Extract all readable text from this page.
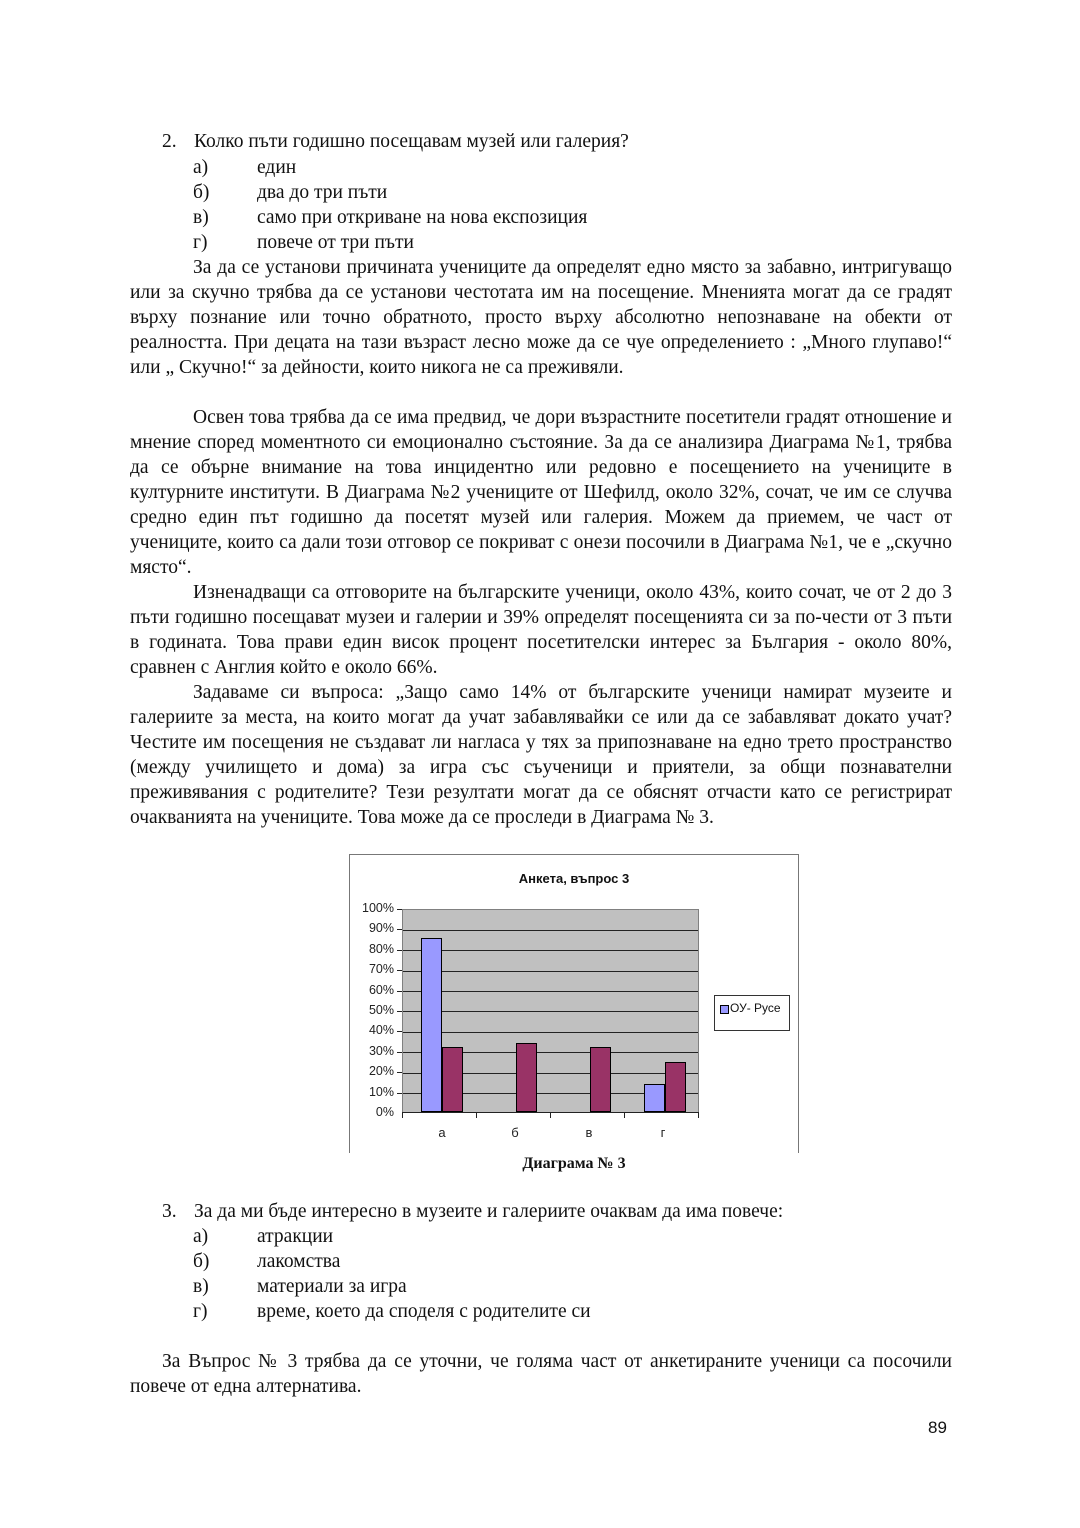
2. Колко пъти годишно посещавам музей или галерия?
а)	един
б) два до три пъти
в) само при откриване на нова експозиция
г)	повече от три пъти

За да се установи причината учениците да определят едно място за забавно, интригуващо или за скучно трябва да се установи честотата им на посещение. Мненията могат да се градят върху познание или точно обратното, просто върху абсолютно непознаване на обекти от реалността. При децата на тази възраст лесно може да се чуе определението : „Много глупаво!“ или „ Скучно!“ за дейности, които никога не са преживяли.

Освен това трябва да се има предвид, че дори възрастните посетители градят отношение и мнение според моментното си емоционално състояние. За да се анализира Диаграма №1, трябва да се обърне внимание на това инцидентно или редовно е посещението на учениците в културните институти. В Диаграма №2 учениците от Шефилд, около 32%, сочат, че им се случва средно един път годишно да посетят музей или галерия. Можем да приемем, че част от учениците, които са дали този отговор се покриват с онези посочили в Диаграма №1, че е „скучно място“.

Изненадващи са отговорите на българските ученици, около 43%, които сочат, че от 2 до 3 пъти годишно посещават музеи и галерии и 39% определят посещенията си за по-чести от 3 пъти в годината. Това прави един висок процент посетителски интерес за България - около 80%, сравнен с Англия който е около 66%.

Задаваме си въпроса: „Защо само 14% от българските ученици намират музеите и галериите за места, на които могат да учат забавлявайки се или да се забавляват докато учат? Честите им посещения не създават ли нагласа у тях за припознаване на едно трето пространство (между училището и дома) за игра със съученици и приятели, за общи познавателни преживявания с родителите? Тези резултати могат да се обяснят отчасти като се регистрират очакванията на учениците. Това може да се проследи в Диаграма № 3.

Анкета, въпрос 3
100%
90%
80%
70%
60%
50%
40%
30%
20%
10%
0%
а	б	в	г
ОУ- Русе
Диаграма № 3
3. За да ми бъде интересно в музеите и галериите очаквам да има повече:
а)	атракции
б) лакомства
в) материали за игра
г)	време, което да споделя с родителите си

За Въпрос № 3 трябва да се уточни, че голяма част от анкетираните ученици са посочили повече от една алтернатива.

89
